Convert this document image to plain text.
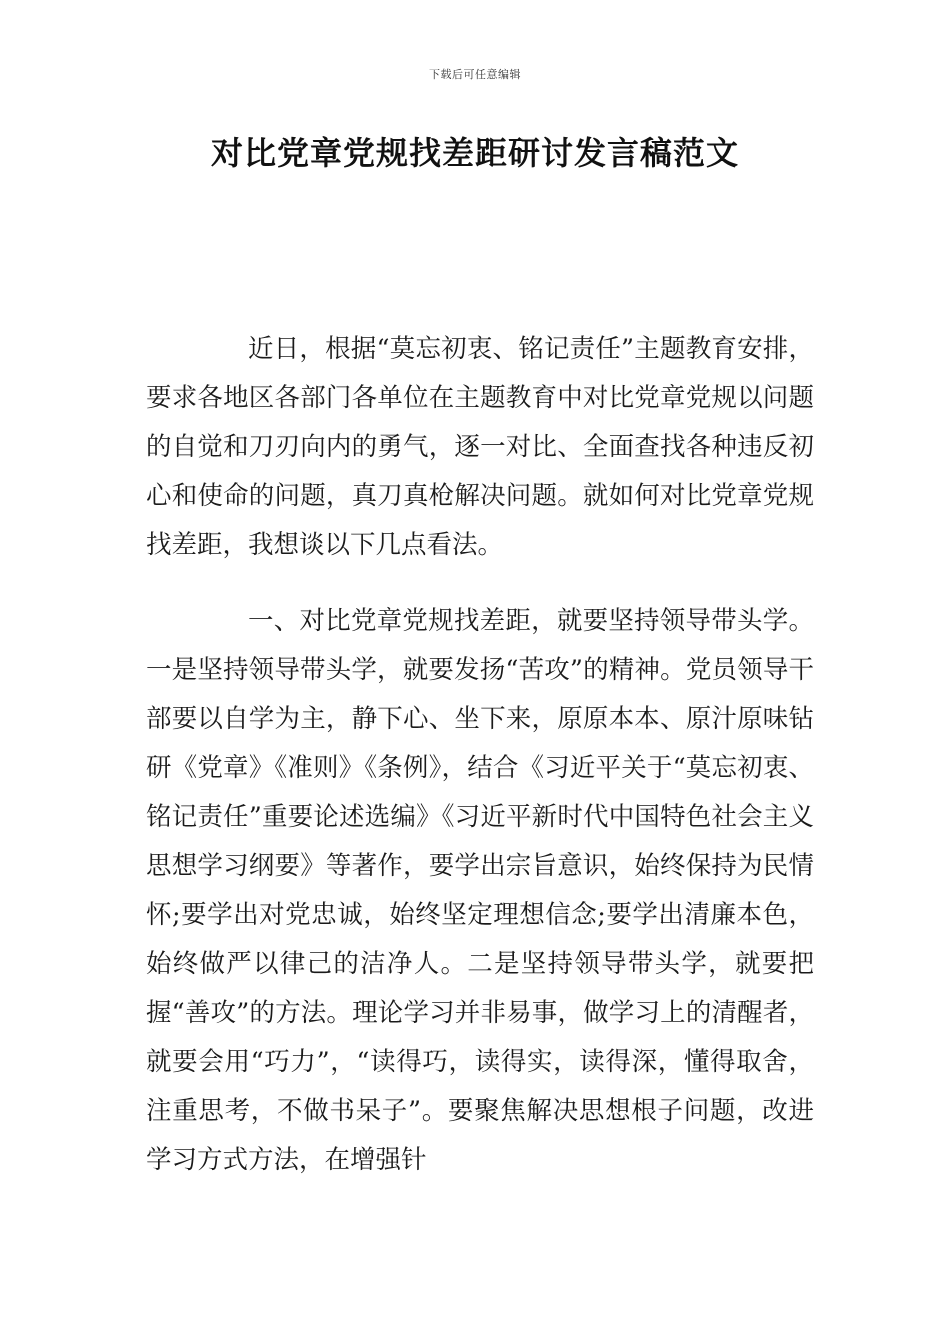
下载后可任意编辑
对比党章党规找差距研讨发言稿范文

近日，根据“莫忘初衷、铭记责任”主题教育安排，要求各地区各部门各单位在主题教育中对比党章党规以问题的自觉和刀刃向内的勇气，逐一对比、全面查找各种违反初心和使命的问题，真刀真枪解决问题。就如何对比党章党规找差距，我想谈以下几点看法。

一、对比党章党规找差距，就要坚持领导带头学。一是坚持领导带头学，就要发扬“苦攻”的精神。党员领导干部要以自学为主，静下心、坐下来，原原本本、原汁原味钻研《党章》《准则》《条例》，结合《习近平关于“莫忘初衷、铭记责任”重要论述选编》《习近平新时代中国特色社会主义思想学习纲要》等著作，要学出宗旨意识，始终保持为民情怀;要学出对党忠诚，始终坚定理想信念;要学出清廉本色，始终做严以律己的洁净人。二是坚持领导带头学，就要把握“善攻”的方法。理论学习并非易事，做学习上的清醒者，就要会用“巧力”，“读得巧，读得实，读得深，懂得取舍，注重思考，不做书呆子”。要聚焦解决思想根子问题，改进学习方式方法，在增强针
